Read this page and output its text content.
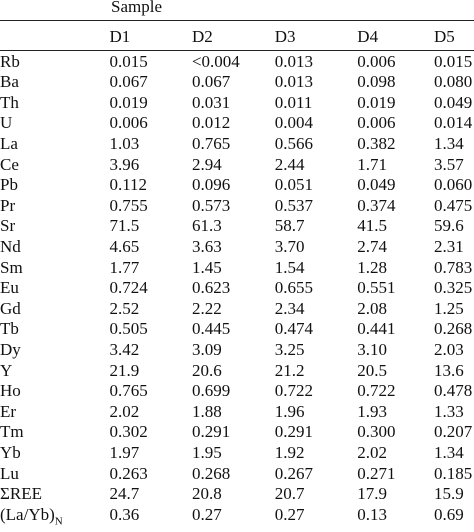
Sample
	D1	D2	D3	D4	D5
Rb	0.015	<0.004	0.013	0.006	0.015
Ba	0.067	0.067	0.013	0.098	0.080
Th	0.019	0.031	0.011	0.019	0.049
U	0.006	0.012	0.004	0.006	0.014
La	1.03	0.765	0.566	0.382	1.34
Ce	3.96	2.94	2.44	1.71	3.57
Pb	0.112	0.096	0.051	0.049	0.060
Pr	0.755	0.573	0.537	0.374	0.475
Sr	71.5	61.3	58.7	41.5	59.6
Nd	4.65	3.63	3.70	2.74	2.31
Sm	1.77	1.45	1.54	1.28	0.783
Eu	0.724	0.623	0.655	0.551	0.325
Gd	2.52	2.22	2.34	2.08	1.25
Tb	0.505	0.445	0.474	0.441	0.268
Dy	3.42	3.09	3.25	3.10	2.03
Y	21.9	20.6	21.2	20.5	13.6
Ho	0.765	0.699	0.722	0.722	0.478
Er	2.02	1.88	1.96	1.93	1.33
Tm	0.302	0.291	0.291	0.300	0.207
Yb	1.97	1.95	1.92	2.02	1.34
Lu	0.263	0.268	0.267	0.271	0.185
ΣREE	24.7	20.8	20.7	17.9	15.9
$(La/Yb)_N$	0.36	0.27	0.27	0.13	0.69
